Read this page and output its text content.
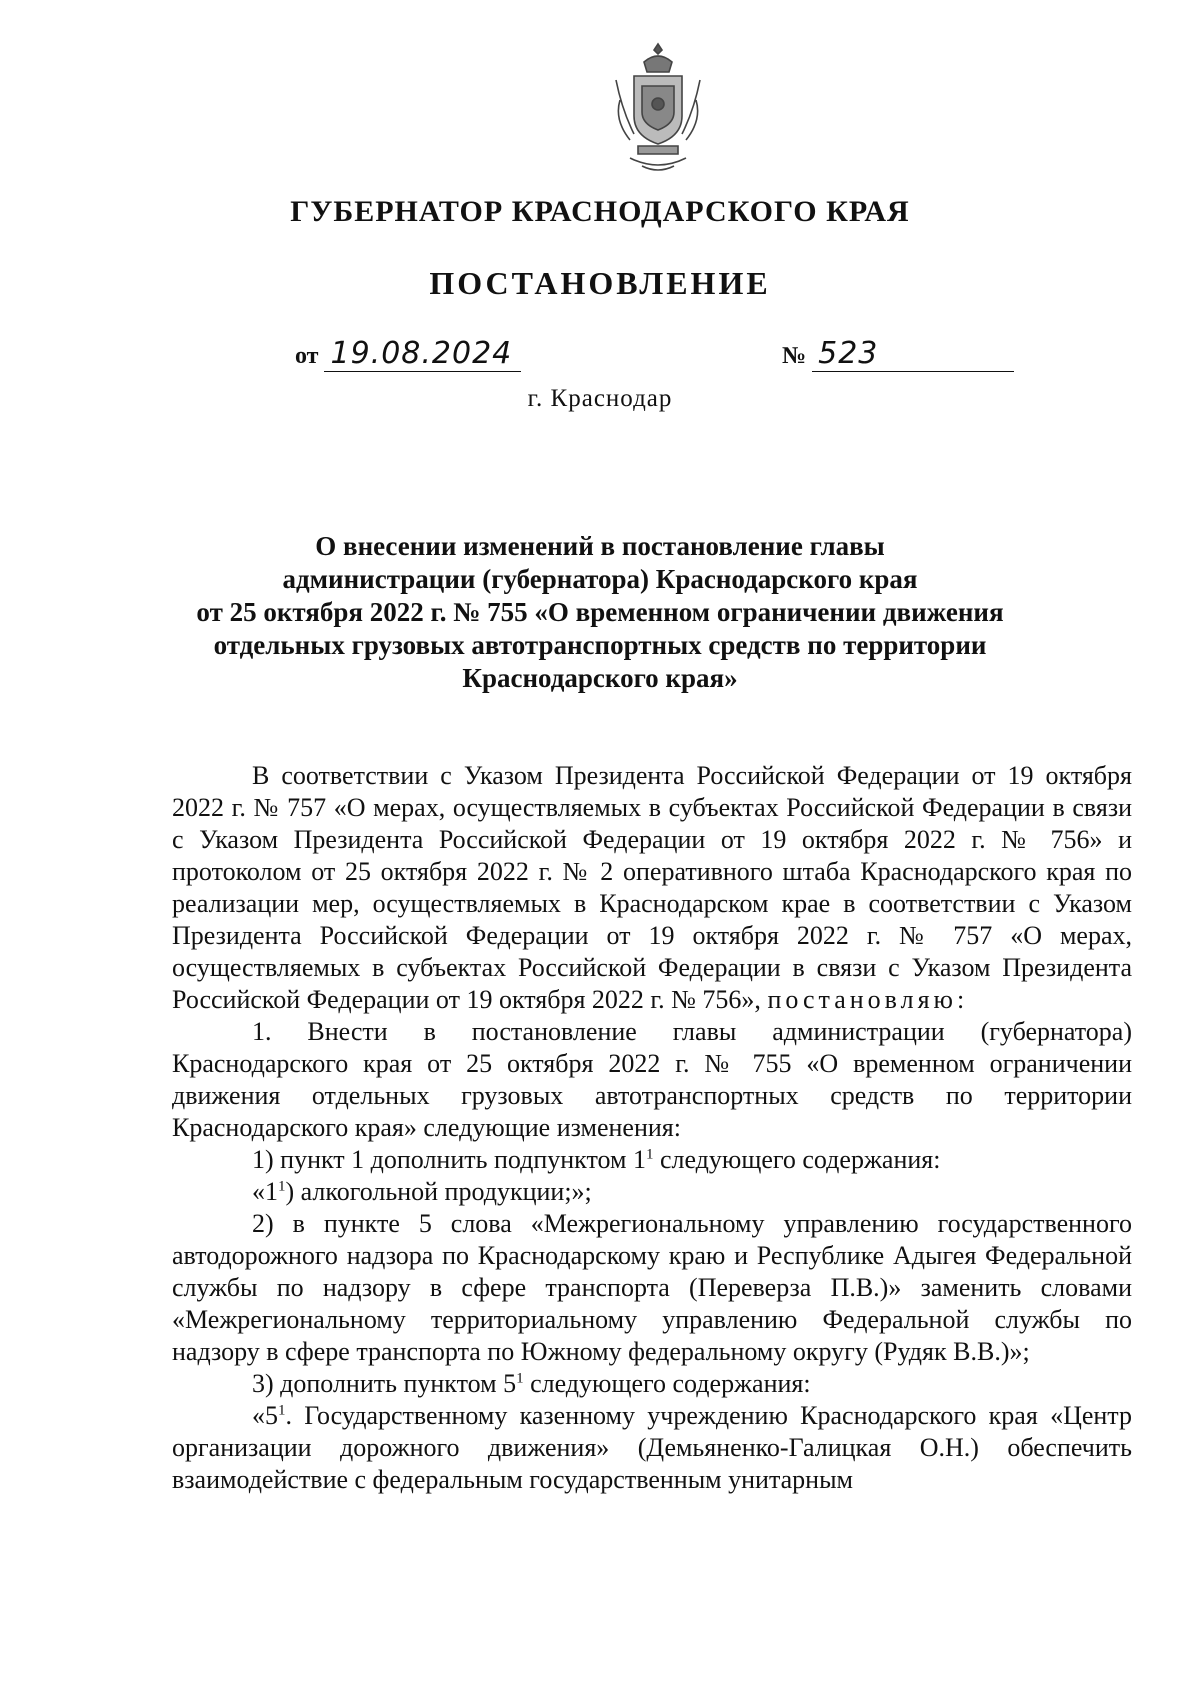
ГУБЕРНАТОР КРАСНОДАРСКОГО КРАЯ
ПОСТАНОВЛЕНИЕ
от 19.08.2024	№ 523
г. Краснодар
О внесении изменений в постановление главы
администрации (губернатора) Краснодарского края
от 25 октября 2022 г. № 755 «О временном ограничении движения
отдельных грузовых автотранспортных средств по территории
Краснодарского края»

В соответствии с Указом Президента Российской Федерации от 19 октября 2022 г. № 757 «О мерах, осуществляемых в субъектах Российской Федерации в связи с Указом Президента Российской Федерации от 19 октября 2022 г. № 756» и протоколом от 25 октября 2022 г. № 2 оперативного штаба Краснодарского края по реализации мер, осуществляемых в Краснодарском крае в соответствии с Указом Президента Российской Федерации от 19 октября 2022 г. № 757 «О мерах, осуществляемых в субъектах Российской Федерации в связи с Указом Президента Российской Федерации от 19 октября 2022 г. № 756», постановляю:

1. Внести в постановление главы администрации (губернатора) Краснодарского края от 25 октября 2022 г. № 755 «О временном ограничении движения отдельных грузовых автотранспортных средств по территории Краснодарского края» следующие изменения:

1) пункт 1 дополнить подпунктом $1^1$ следующего содержания:

«$1^1$) алкогольной продукции;»;

2) в пункте 5 слова «Межрегиональному управлению государственного автодорожного надзора по Краснодарскому краю и Республике Адыгея Федеральной службы по надзору в сфере транспорта (Переверза П.В.)» заменить словами «Межрегиональному территориальному управлению Федеральной службы по надзору в сфере транспорта по Южному федеральному округу (Рудяк В.В.)»;

3) дополнить пунктом $5^1$ следующего содержания:

«$5^1$. Государственному казенному учреждению Краснодарского края «Центр организации дорожного движения» (Демьяненко-Галицкая О.Н.) обеспечить взаимодействие с федеральным государственным унитарным
